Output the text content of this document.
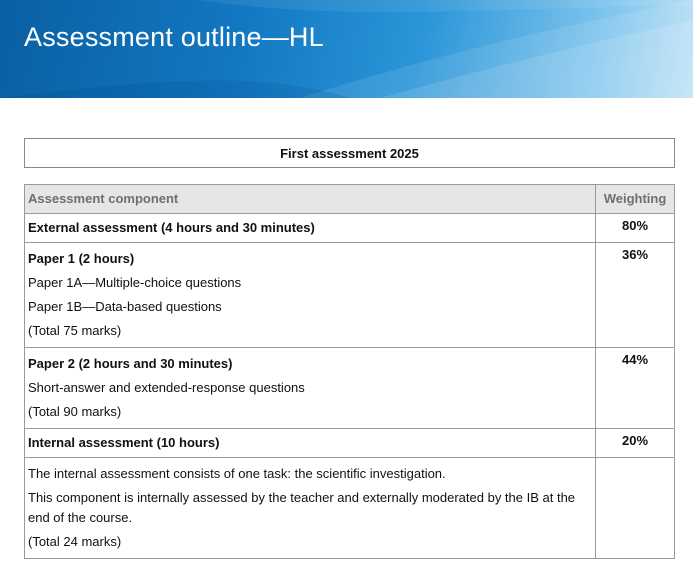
Assessment outline—HL
First assessment 2025
Assessment component	Weighting

External assessment (4 hours and 30 minutes)	80%

Paper 1 (2 hours)
Paper 1A—Multiple-choice questions
Paper 1B—Data-based questions
(Total 75 marks)	36%

Paper 2 (2 hours and 30 minutes)
Short-answer and extended-response questions
(Total 90 marks)	44%

Internal assessment (10 hours)	20%

The internal assessment consists of one task: the scientific investigation.
This component is internally assessed by the teacher and externally moderated by the IB at the end of the course.
(Total 24 marks)	
